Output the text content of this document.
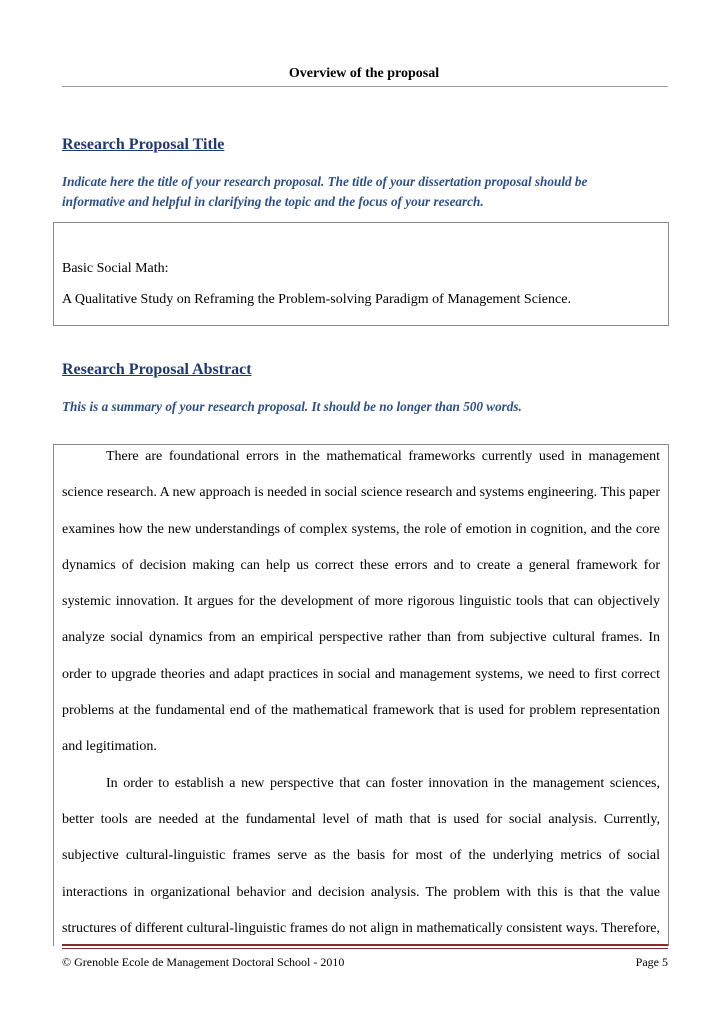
Overview of the proposal
Research Proposal Title
Indicate here the title of your research proposal. The title of your dissertation proposal should be
informative and helpful in clarifying the topic and the focus of your research.
Basic Social Math:
A Qualitative Study on Reframing the Problem-solving Paradigm of Management Science.
Research Proposal Abstract
This is a summary of your research proposal. It should be no longer than 500 words.

There are foundational errors in the mathematical frameworks currently used in management science research. A new approach is needed in social science research and systems engineering. This paper examines how the new understandings of complex systems, the role of emotion in cognition, and the core dynamics of decision making can help us correct these errors and to create a general framework for systemic innovation. It argues for the development of more rigorous linguistic tools that can objectively analyze social dynamics from an empirical perspective rather than from subjective cultural frames. In order to upgrade theories and adapt practices in social and management systems, we need to first correct problems at the fundamental end of the mathematical framework that is used for problem representation and legitimation.

In order to establish a new perspective that can foster innovation in the management sciences, better tools are needed at the fundamental level of math that is used for social analysis. Currently, subjective cultural-linguistic frames serve as the basis for most of the underlying metrics of social interactions in organizational behavior and decision analysis. The problem with this is that the value structures of different cultural-linguistic frames do not align in mathematically consistent ways. Therefore,

© Grenoble Ecole de Management Doctoral School - 2010	Page 5
